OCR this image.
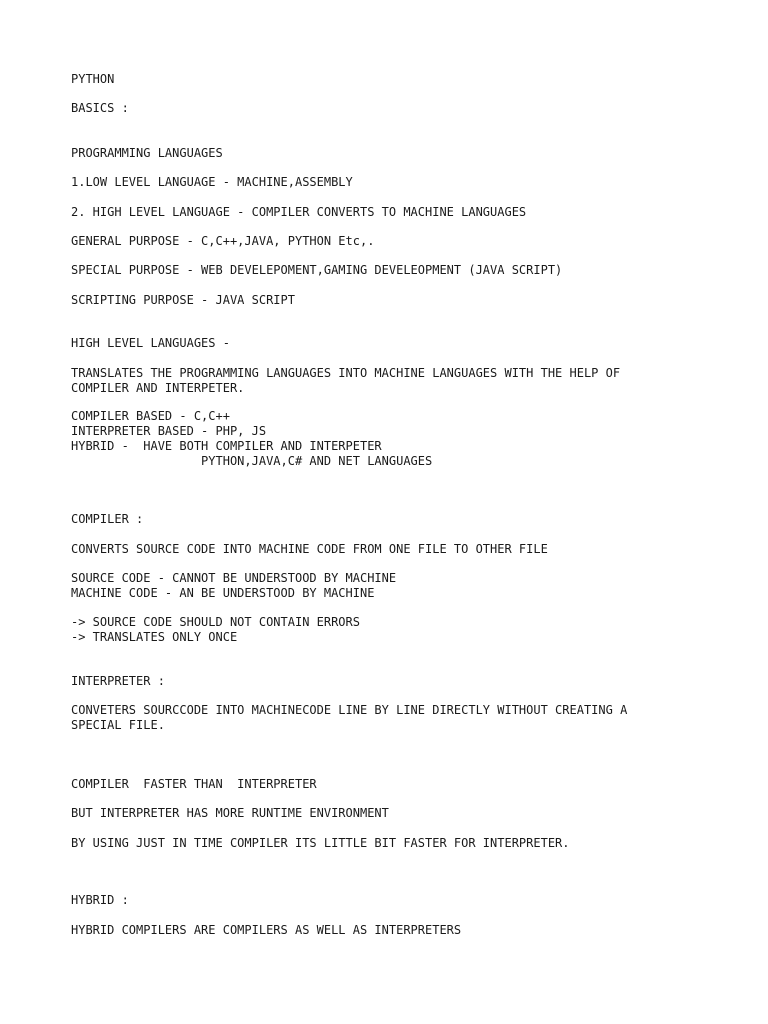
PYTHON

BASICS :

PROGRAMMING LANGUAGES

1.LOW LEVEL LANGUAGE - MACHINE,ASSEMBLY

2. HIGH LEVEL LANGUAGE - COMPILER CONVERTS TO MACHINE LANGUAGES

GENERAL PURPOSE - C,C++,JAVA, PYTHON Etc,.

SPECIAL PURPOSE - WEB DEVELEPOMENT,GAMING DEVELEOPMENT (JAVA SCRIPT)

SCRIPTING PURPOSE - JAVA SCRIPT

HIGH LEVEL LANGUAGES -

TRANSLATES THE PROGRAMMING LANGUAGES INTO MACHINE LANGUAGES WITH THE HELP OF

COMPILER AND INTERPETER.

COMPILER BASED - C,C++

INTERPRETER BASED - PHP, JS

HYBRID -  HAVE BOTH COMPILER AND INTERPETER

PYTHON,JAVA,C# AND NET LANGUAGES

COMPILER :

CONVERTS SOURCE CODE INTO MACHINE CODE FROM ONE FILE TO OTHER FILE

SOURCE CODE - CANNOT BE UNDERSTOOD BY MACHINE

MACHINE CODE - AN BE UNDERSTOOD BY MACHINE

-> SOURCE CODE SHOULD NOT CONTAIN ERRORS

-> TRANSLATES ONLY ONCE

INTERPRETER :

CONVETERS SOURCCODE INTO MACHINECODE LINE BY LINE DIRECTLY WITHOUT CREATING A

SPECIAL FILE.

COMPILER  FASTER THAN  INTERPRETER

BUT INTERPRETER HAS MORE RUNTIME ENVIRONMENT

BY USING JUST IN TIME COMPILER ITS LITTLE BIT FASTER FOR INTERPRETER.

HYBRID :

HYBRID COMPILERS ARE COMPILERS AS WELL AS INTERPRETERS
